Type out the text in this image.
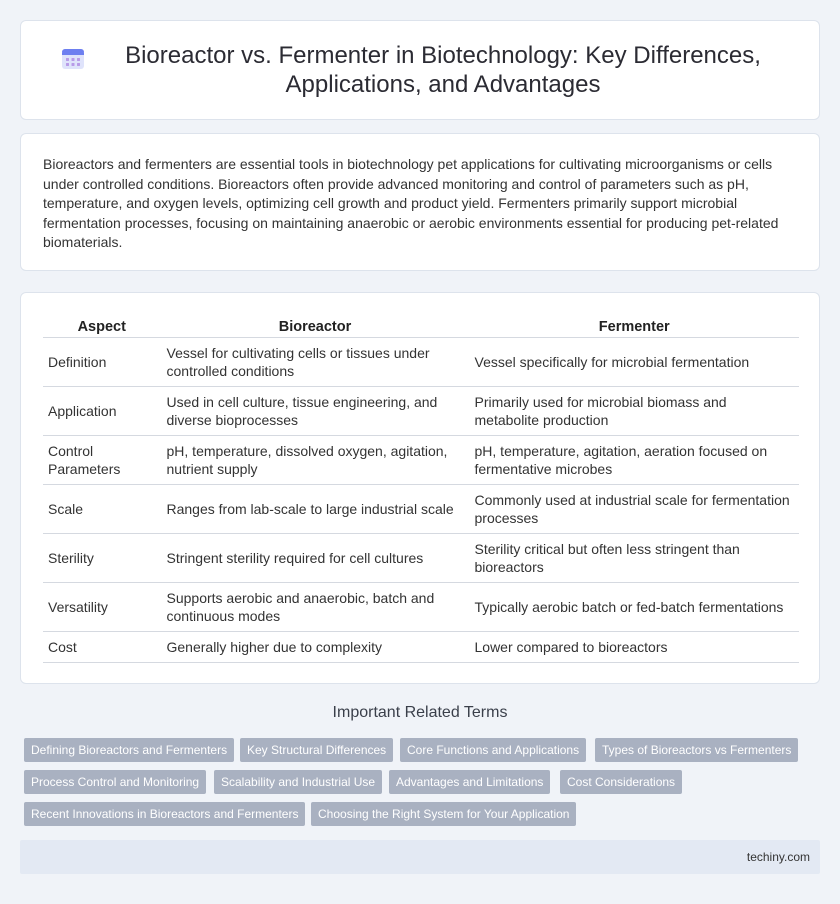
Bioreactor vs. Fermenter in Biotechnology: Key Differences, Applications, and Advantages

Bioreactors and fermenters are essential tools in biotechnology pet applications for cultivating microorganisms or cells under controlled conditions. Bioreactors often provide advanced monitoring and control of parameters such as pH, temperature, and oxygen levels, optimizing cell growth and product yield. Fermenters primarily support microbial fermentation processes, focusing on maintaining anaerobic or aerobic environments essential for producing pet-related biomaterials.

Aspect	Bioreactor	Fermenter
Definition	Vessel for cultivating cells or tissues under controlled conditions	Vessel specifically for microbial fermentation
Application	Used in cell culture, tissue engineering, and diverse bioprocesses	Primarily used for microbial biomass and metabolite production
Control Parameters	pH, temperature, dissolved oxygen, agitation, nutrient supply	pH, temperature, agitation, aeration focused on fermentative microbes
Scale	Ranges from lab-scale to large industrial scale	Commonly used at industrial scale for fermentation processes
Sterility	Stringent sterility required for cell cultures	Sterility critical but often less stringent than bioreactors
Versatility	Supports aerobic and anaerobic, batch and continuous modes	Typically aerobic batch or fed-batch fermentations
Cost	Generally higher due to complexity	Lower compared to bioreactors
Important Related Terms
Defining Bioreactors and Fermenters	Key Structural Differences	Core Functions and Applications	Types of Bioreactors vs Fermenters
Process Control and Monitoring	Scalability and Industrial Use	Advantages and Limitations	Cost Considerations
Recent Innovations in Bioreactors and Fermenters	Choosing the Right System for Your Application
techiny.com
